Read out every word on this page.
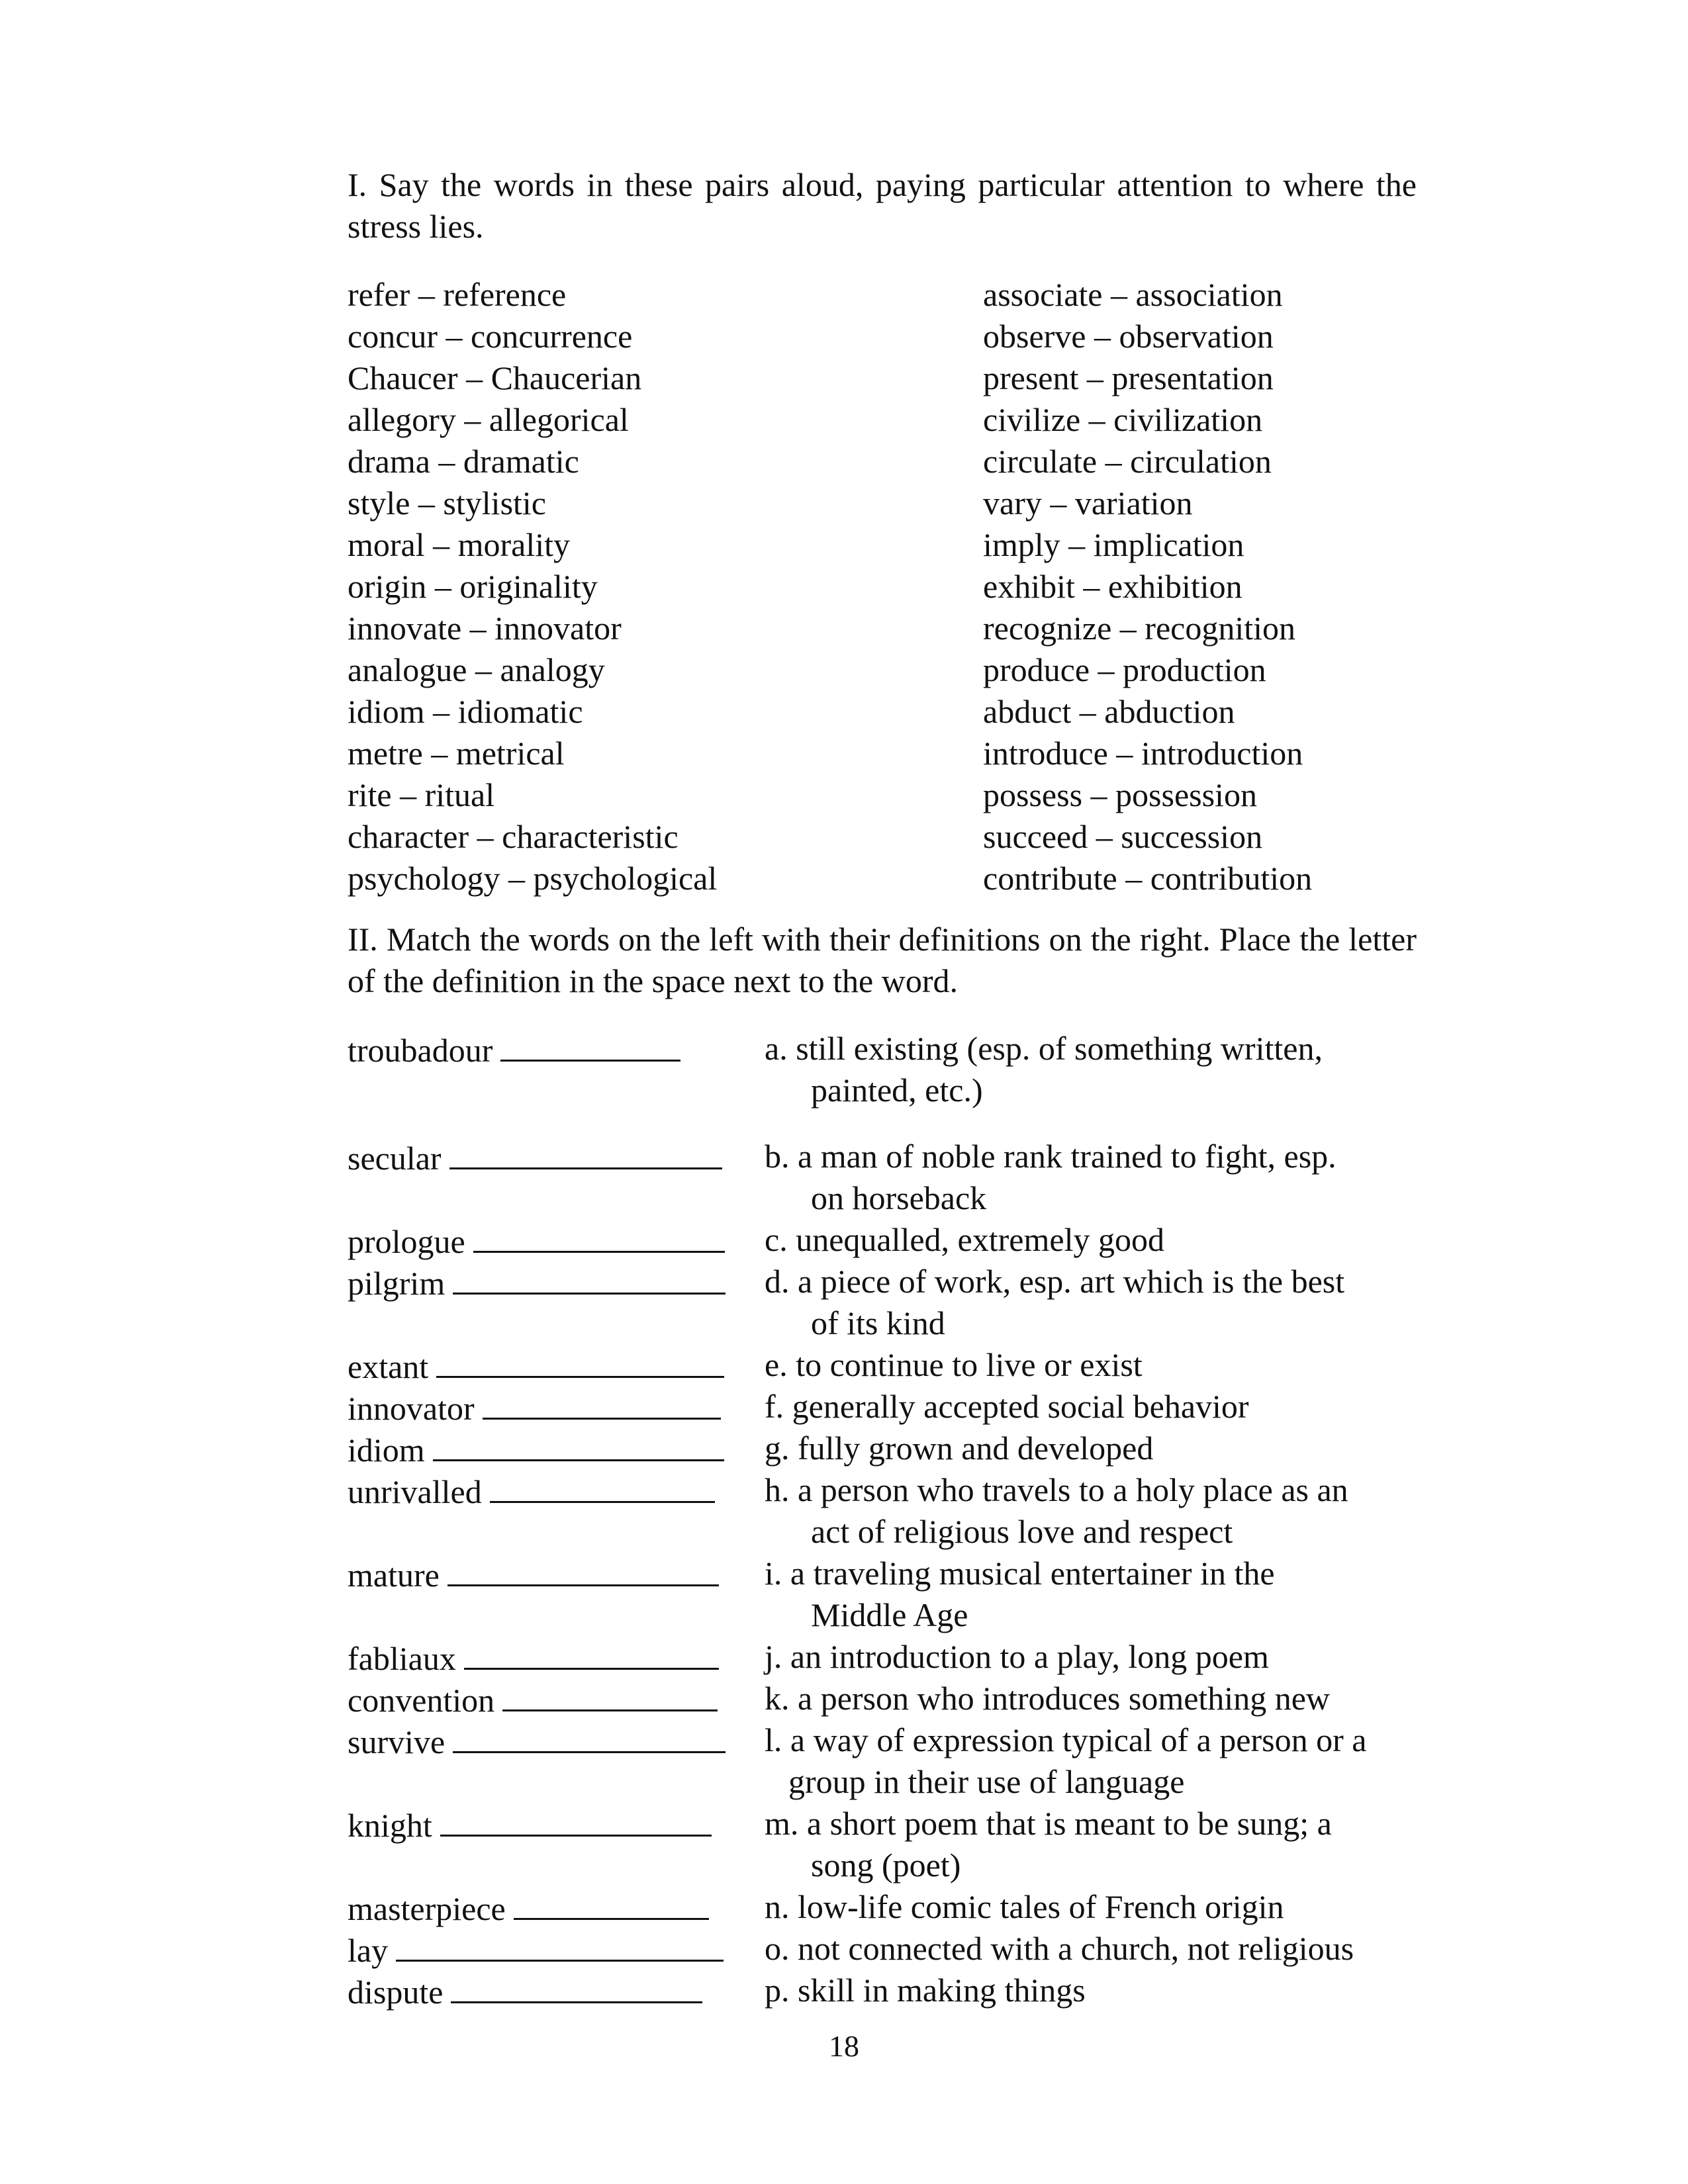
I. Say the words in these pairs aloud, paying particular attention to where the stress lies.

refer – reference
concur – concurrence
Chaucer – Chaucerian
allegory – allegorical
drama – dramatic
style – stylistic
moral – morality
origin – originality
innovate – innovator
analogue – analogy
idiom – idiomatic
metre – metrical
rite – ritual
character – characteristic
psychology – psychological
associate – association
observe – observation
present – presentation
civilize – civilization
circulate – circulation
vary – variation
imply – implication
exhibit – exhibition
recognize – recognition
produce – production
abduct – abduction
introduce – introduction
possess – possession
succeed – succession
contribute – contribution

II. Match the words on the left with their definitions on the right. Place the letter of the definition in the space next to the word.

troubadour	a. still existing (esp. of something written,
painted, etc.)
secular	b. a man of noble rank trained to fight, esp.
on horseback
prologue	c. unequalled, extremely good
pilgrim	d. a piece of work, esp. art which is the best
of its kind
extant	e. to continue to live or exist
innovator	f. generally accepted social behavior
idiom	g. fully grown and developed
unrivalled	h. a person who travels to a holy place as an
act of religious love and respect
mature	i. a traveling musical entertainer in the
Middle Age
fabliaux	j. an introduction to a play, long poem
convention	k. a person who introduces something new
survive	l. a way of expression typical of a person or a
group in their use of language
knight	m. a short poem that is meant to be sung; a
song (poet)
masterpiece	n. low-life comic tales of French origin
lay	o. not connected with a church, not religious
dispute	p. skill in making things
18
